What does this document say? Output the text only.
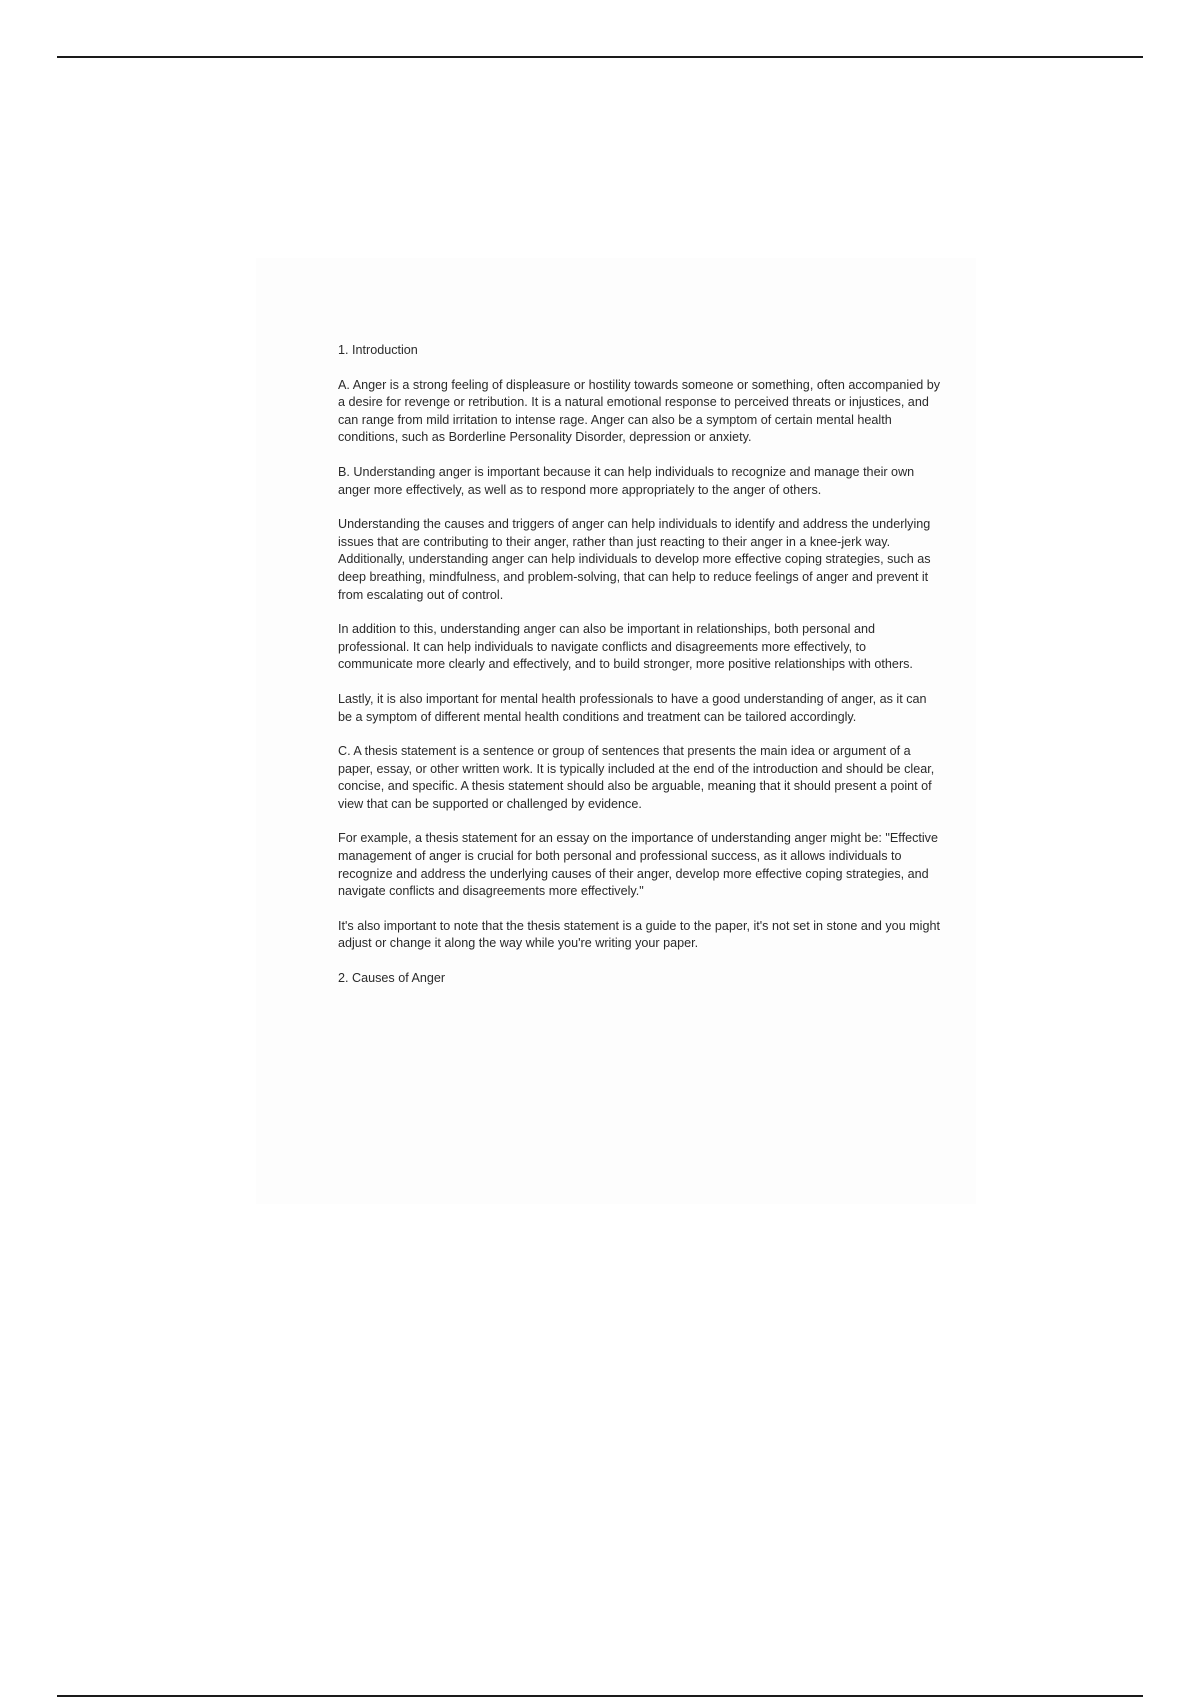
1. Introduction

A. Anger is a strong feeling of displeasure or hostility towards someone or something, often accompanied by a desire for revenge or retribution. It is a natural emotional response to perceived threats or injustices, and can range from mild irritation to intense rage. Anger can also be a symptom of certain mental health conditions, such as Borderline Personality Disorder, depression or anxiety.

B. Understanding anger is important because it can help individuals to recognize and manage their own anger more effectively, as well as to respond more appropriately to the anger of others.

Understanding the causes and triggers of anger can help individuals to identify and address the underlying issues that are contributing to their anger, rather than just reacting to their anger in a knee-jerk way. Additionally, understanding anger can help individuals to develop more effective coping strategies, such as deep breathing, mindfulness, and problem-solving, that can help to reduce feelings of anger and prevent it from escalating out of control.

In addition to this, understanding anger can also be important in relationships, both personal and professional. It can help individuals to navigate conflicts and disagreements more effectively, to communicate more clearly and effectively, and to build stronger, more positive relationships with others.

Lastly, it is also important for mental health professionals to have a good understanding of anger, as it can be a symptom of different mental health conditions and treatment can be tailored accordingly.

C. A thesis statement is a sentence or group of sentences that presents the main idea or argument of a paper, essay, or other written work. It is typically included at the end of the introduction and should be clear, concise, and specific. A thesis statement should also be arguable, meaning that it should present a point of view that can be supported or challenged by evidence.

For example, a thesis statement for an essay on the importance of understanding anger might be: "Effective management of anger is crucial for both personal and professional success, as it allows individuals to recognize and address the underlying causes of their anger, develop more effective coping strategies, and navigate conflicts and disagreements more effectively."

It's also important to note that the thesis statement is a guide to the paper, it's not set in stone and you might adjust or change it along the way while you're writing your paper.

2. Causes of Anger
